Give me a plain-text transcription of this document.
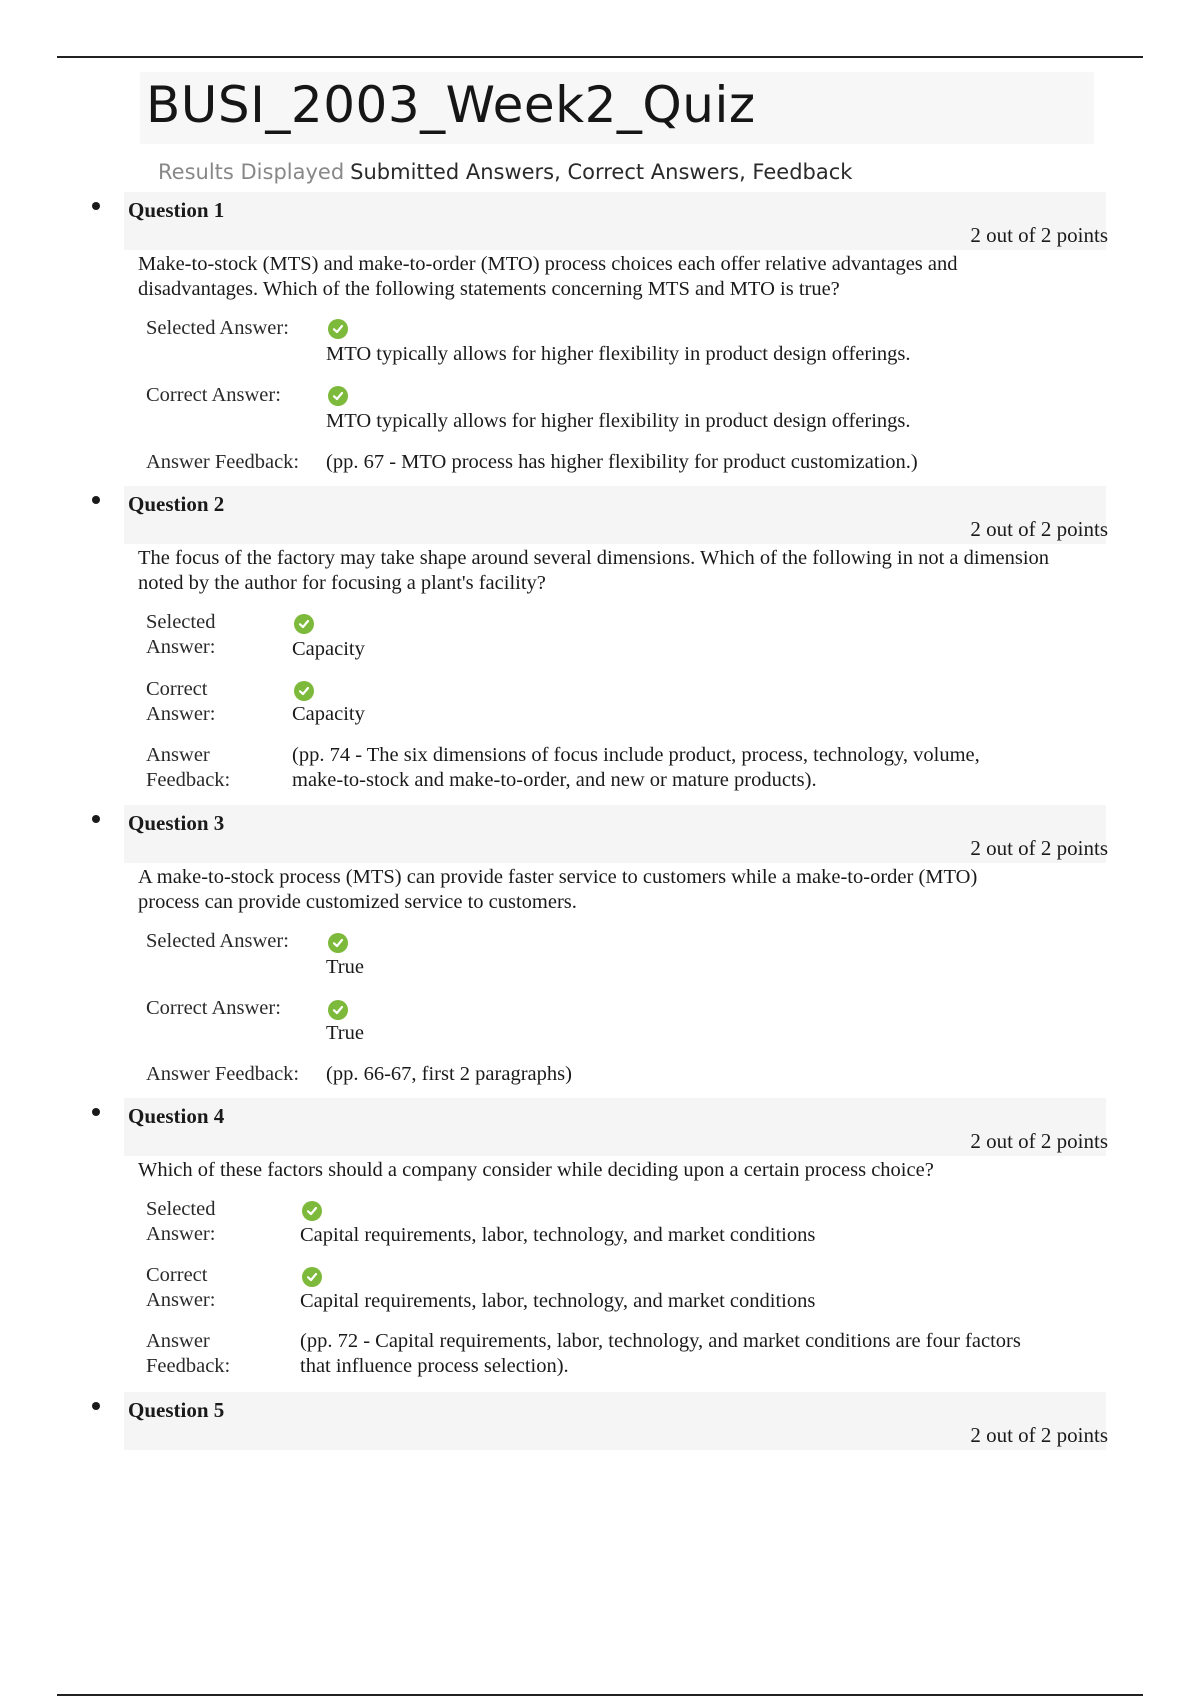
BUSI_2003_Week2_Quiz
Results Displayed Submitted Answers, Correct Answers, Feedback
Question 1
2 out of 2 points
Make-to-stock (MTS) and make-to-order (MTO) process choices each offer relative advantages and disadvantages. Which of the following statements concerning MTS and MTO is true?
Selected Answer:
MTO typically allows for higher flexibility in product design offerings.
Correct Answer:
MTO typically allows for higher flexibility in product design offerings.
Answer Feedback: (pp. 67 - MTO process has higher flexibility for product customization.)
Question 2
2 out of 2 points
The focus of the factory may take shape around several dimensions. Which of the following in not a dimension noted by the author for focusing a plant's facility?
Selected Answer:	Capacity
Correct Answer:	Capacity
Answer Feedback:
(pp. 74 - The six dimensions of focus include product, process, technology, volume, make-to-stock and make-to-order, and new or mature products).
Question 3
2 out of 2 points
A make-to-stock process (MTS) can provide faster service to customers while a make-to-order (MTO) process can provide customized service to customers.
Selected Answer:
True
Correct Answer:
True
Answer Feedback: (pp. 66-67, first 2 paragraphs)
Question 4
2 out of 2 points
Which of these factors should a company consider while deciding upon a certain process choice?
Selected Answer:	Capital requirements, labor, technology, and market conditions
Correct Answer:	Capital requirements, labor, technology, and market conditions
Answer Feedback:
(pp. 72 - Capital requirements, labor, technology, and market conditions are four factors that influence process selection).
Question 5
2 out of 2 points
